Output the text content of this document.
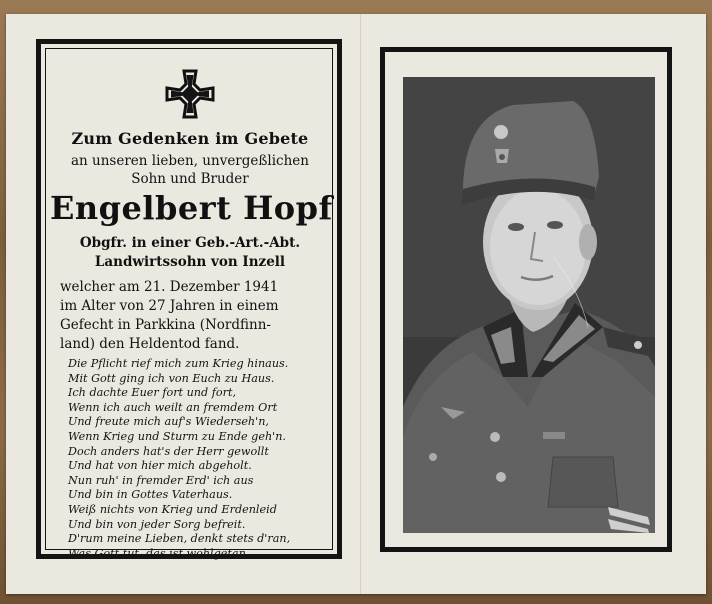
Zum Gedenken im Gebete
an unseren lieben, unvergeßlichen
Sohn und Bruder
Engelbert Hopf
Obgfr. in einer Geb.-Art.-Abt.
Landwirtssohn von Inzell
welcher am 21. Dezember 1941
im Alter von 27 Jahren in einem
Gefecht in Parkkina (Nordfinn-
land) den Heldentod fand.
Die Pflicht rief mich zum Krieg hinaus.
Mit Gott ging ich von Euch zu Haus.
Ich dachte Euer fort und fort,
Wenn ich auch weilt an fremdem Ort
Und freute mich auf's Wiederseh'n,
Wenn Krieg und Sturm zu Ende geh'n.
Doch anders hat's der Herr gewollt
Und hat von hier mich abgeholt.
Nun ruh' in fremder Erd' ich aus
Und bin in Gottes Vaterhaus.
Weiß nichts von Krieg und Erdenleid
Und bin von jeder Sorg befreit.
D'rum meine Lieben, denkt stets d'ran,
Was Gott tut, das ist wohlgetan.
